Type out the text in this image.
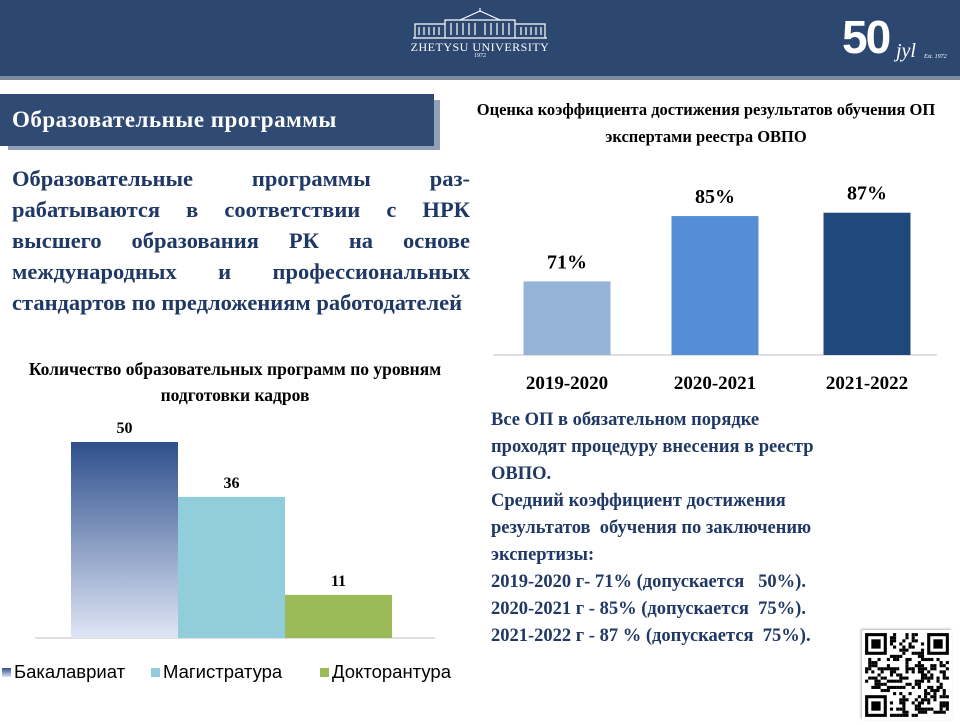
ZHETYSU UNIVERSITY
1972	50 jyl Est. 1972
Образовательные программы
Образовательные программы раз-рабатываются в соответствии с НРК высшего образования РК на основе международных и профессиональных стандартов по предложениям работодателей
Оценка коэффициента достижения результатов обучения ОП экспертами реестра ОВПО
71%
2019-2020
85%
2020-2021
87%
2021-2022
Количество образовательных программ по уровням подготовки кадров
50
36
11
Бакалавриат	Магистратура	Докторантура
Все ОП в обязательном порядке
проходят процедуру внесения в реестр
ОВПО.
Средний коэффициент достижения
результатов  обучения по заключению
экспертизы:
2019-2020 г- 71% (допускается   50%).
2020-2021 г - 85% (допускается  75%).
2021-2022 г - 87 % (допускается  75%).
